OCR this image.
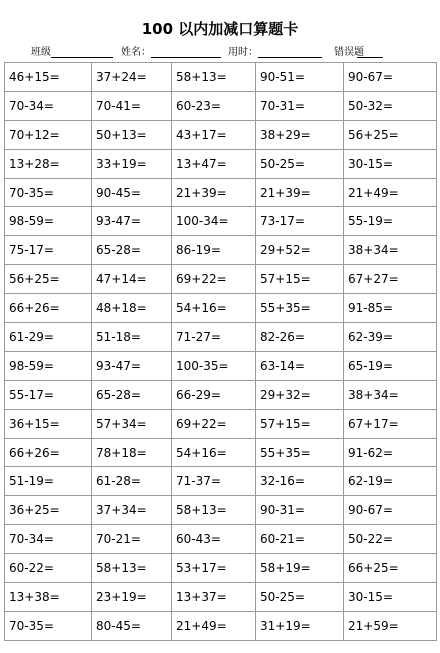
100 以内加减口算题卡
班级	姓名：	用时：	错误
题
46+15=	37+24=	58+13=	90-51=	90-67=
70-34=	70-41=	60-23=	70-31=	50-32=
70+12=	50+13=	43+17=	38+29=	56+25=
13+28=	33+19=	13+47=	50-25=	30-15=
70-35=	90-45=	21+39=	21+39=	21+49=
98-59=	93-47=	100-34=	73-17=	55-19=
75-17=	65-28=	86-19=	29+52=	38+34=
56+25=	47+14=	69+22=	57+15=	67+27=
66+26=	48+18=	54+16=	55+35=	91-85=
61-29=	51-18=	71-27=	82-26=	62-39=
98-59=	93-47=	100-35=	63-14=	65-19=
55-17=	65-28=	66-29=	29+32=	38+34=
36+15=	57+34=	69+22=	57+15=	67+17=
66+26=	78+18=	54+16=	55+35=	91-62=
51-19=	61-28=	71-37=	32-16=	62-19=
36+25=	37+34=	58+13=	90-31=	90-67=
70-34=	70-21=	60-43=	60-21=	50-22=
60-22=	58+13=	53+17=	58+19=	66+25=
13+38=	23+19=	13+37=	50-25=	30-15=
70-35=	80-45=	21+49=	31+19=	21+59=
